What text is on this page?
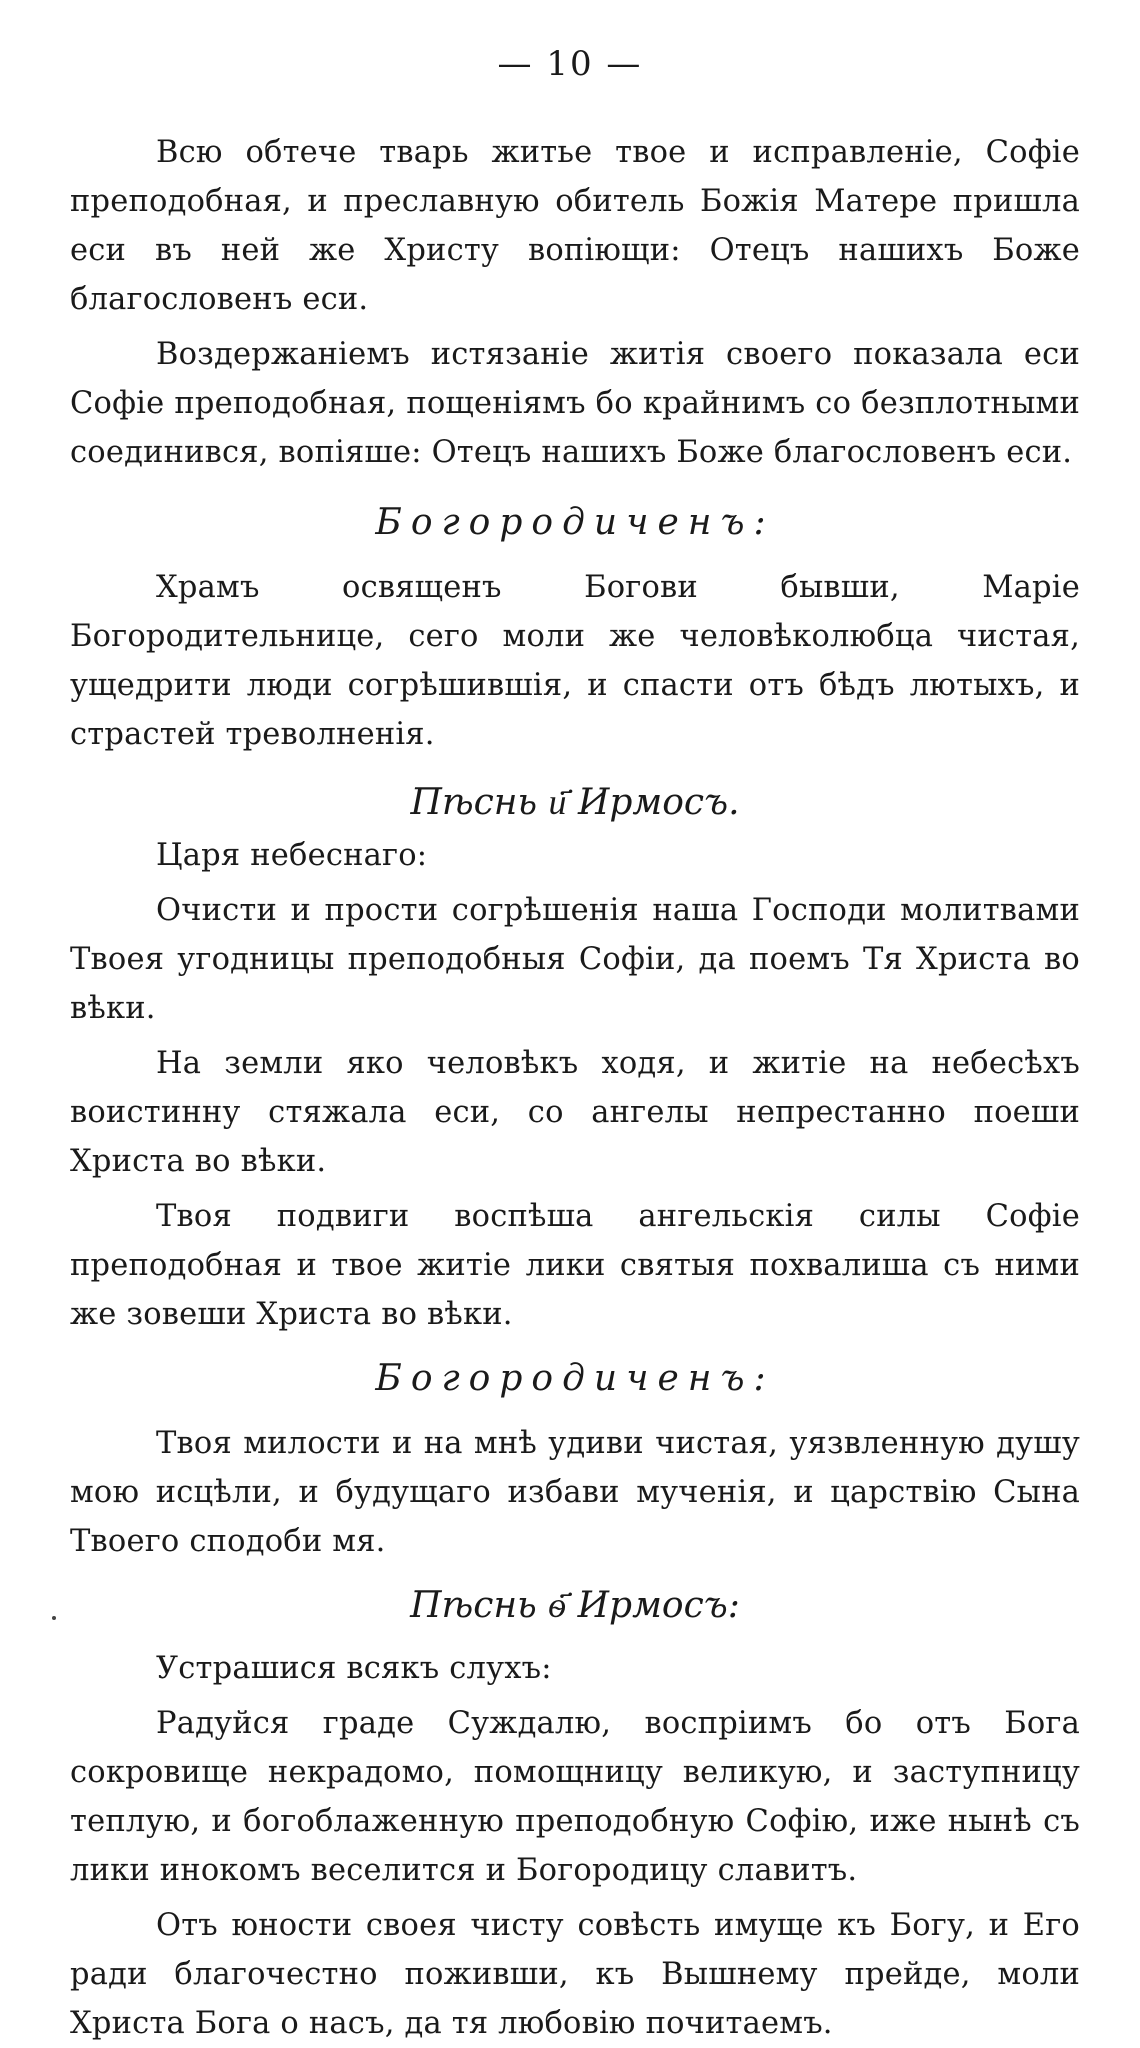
— 10 —

Всю обтече тварь житье твое и исправленіе, Софіе преподобная, и преславную обитель Божія Матере пришла еси въ ней же Христу вопіющи: Отецъ нашихъ Боже благословенъ еси.

Воздержаніемъ истязаніе житія своего показала еси Софіе преподобная, пощеніямъ бо крайнимъ со безплотными соединився, вопіяше: Отецъ нашихъ Боже благословенъ еси.

Богородиченъ:

Храмъ освященъ Богови бывши, Маріе Богородительнице, сего моли же человѣколюбца чистая, ущедрити люди согрѣшившія, и спасти отъ бѣдъ лютыхъ, и страстей треволненія.

Пѣснь и҃ Ирмосъ.

Царя небеснаго:

Очисти и прости согрѣшенія наша Господи молитвами Твоея угодницы преподобныя Софіи, да поемъ Тя Христа во вѣки.

На земли яко человѣкъ ходя, и житіе на небесѣхъ воистинну стяжала еси, со ангелы непрестанно поеши Христа во вѣки.

Твоя подвиги воспѣша ангельскія силы Софіе преподобная и твое житіе лики святыя похвалиша съ ними же зовеши Христа во вѣки.

Богородиченъ:

Твоя милости и на мнѣ удиви чистая, уязвленную душу мою исцѣли, и будущаго избави мученія, и царствію Сына Твоего сподоби мя.

Пѣснь ѳ҃ Ирмосъ:

Устрашися всякъ слухъ:

Радуйся граде Суждалю, воспріимъ бо отъ Бога сокровище некрадомо, помощницу великую, и заступницу теплую, и богоблаженную преподобную Софію, иже нынѣ съ лики инокомъ веселится и Богородицу славитъ.

Отъ юности своея чисту совѣсть имуще къ Богу, и Его ради благочестно поживши, къ Вышнему прейде, моли Христа Бога о насъ, да тя любовію почитаемъ.
